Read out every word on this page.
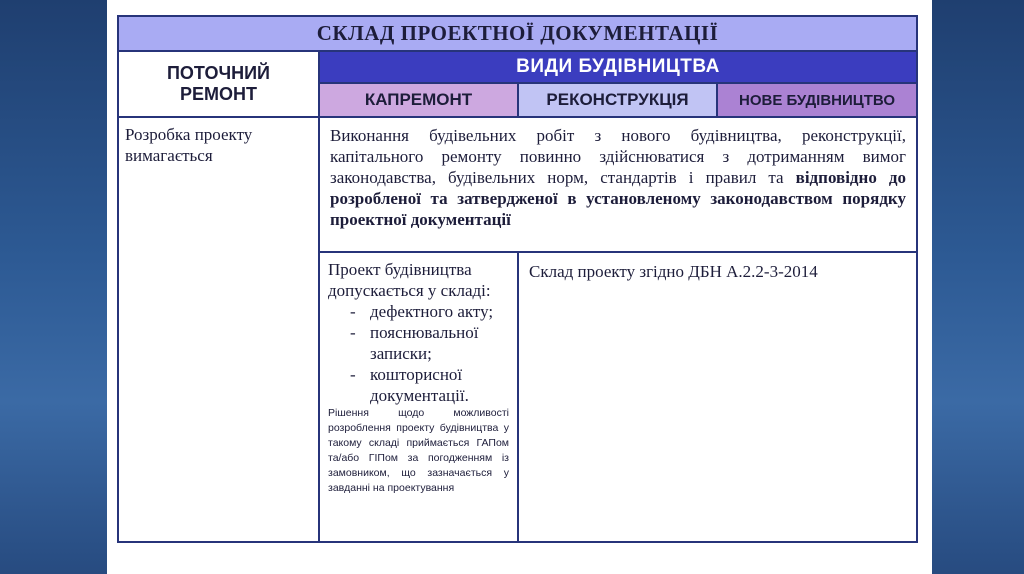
СКЛАД ПРОЕКТНОЇ ДОКУМЕНТАЦІЇ
ПОТОЧНИЙ РЕМОНТ
ВИДИ БУДІВНИЦТВА
КАПРЕМОНТ	РЕКОНСТРУКЦІЯ	НОВЕ БУДІВНИЦТВО
Розробка проекту вимагається
Виконання будівельних робіт з нового будівництва, реконструкції, капітального ремонту повинно здійснюватися з дотриманням вимог законодавства, будівельних норм, стандартів і правил та відповідно до розробленої та затвердженої в установленому законодавством порядку проектної документації

Проект будівництва допускається у складі:

- дефектного акту;
- пояснювальної записки;
- кошторисної документації.

Рішення щодо можливості розроблення проекту будівництва у такому складі приймається ГАПом та/або ГІПом за погодженням із замовником, що зазначається у завданні на проектування

Склад проекту згідно ДБН А.2.2-3-2014
